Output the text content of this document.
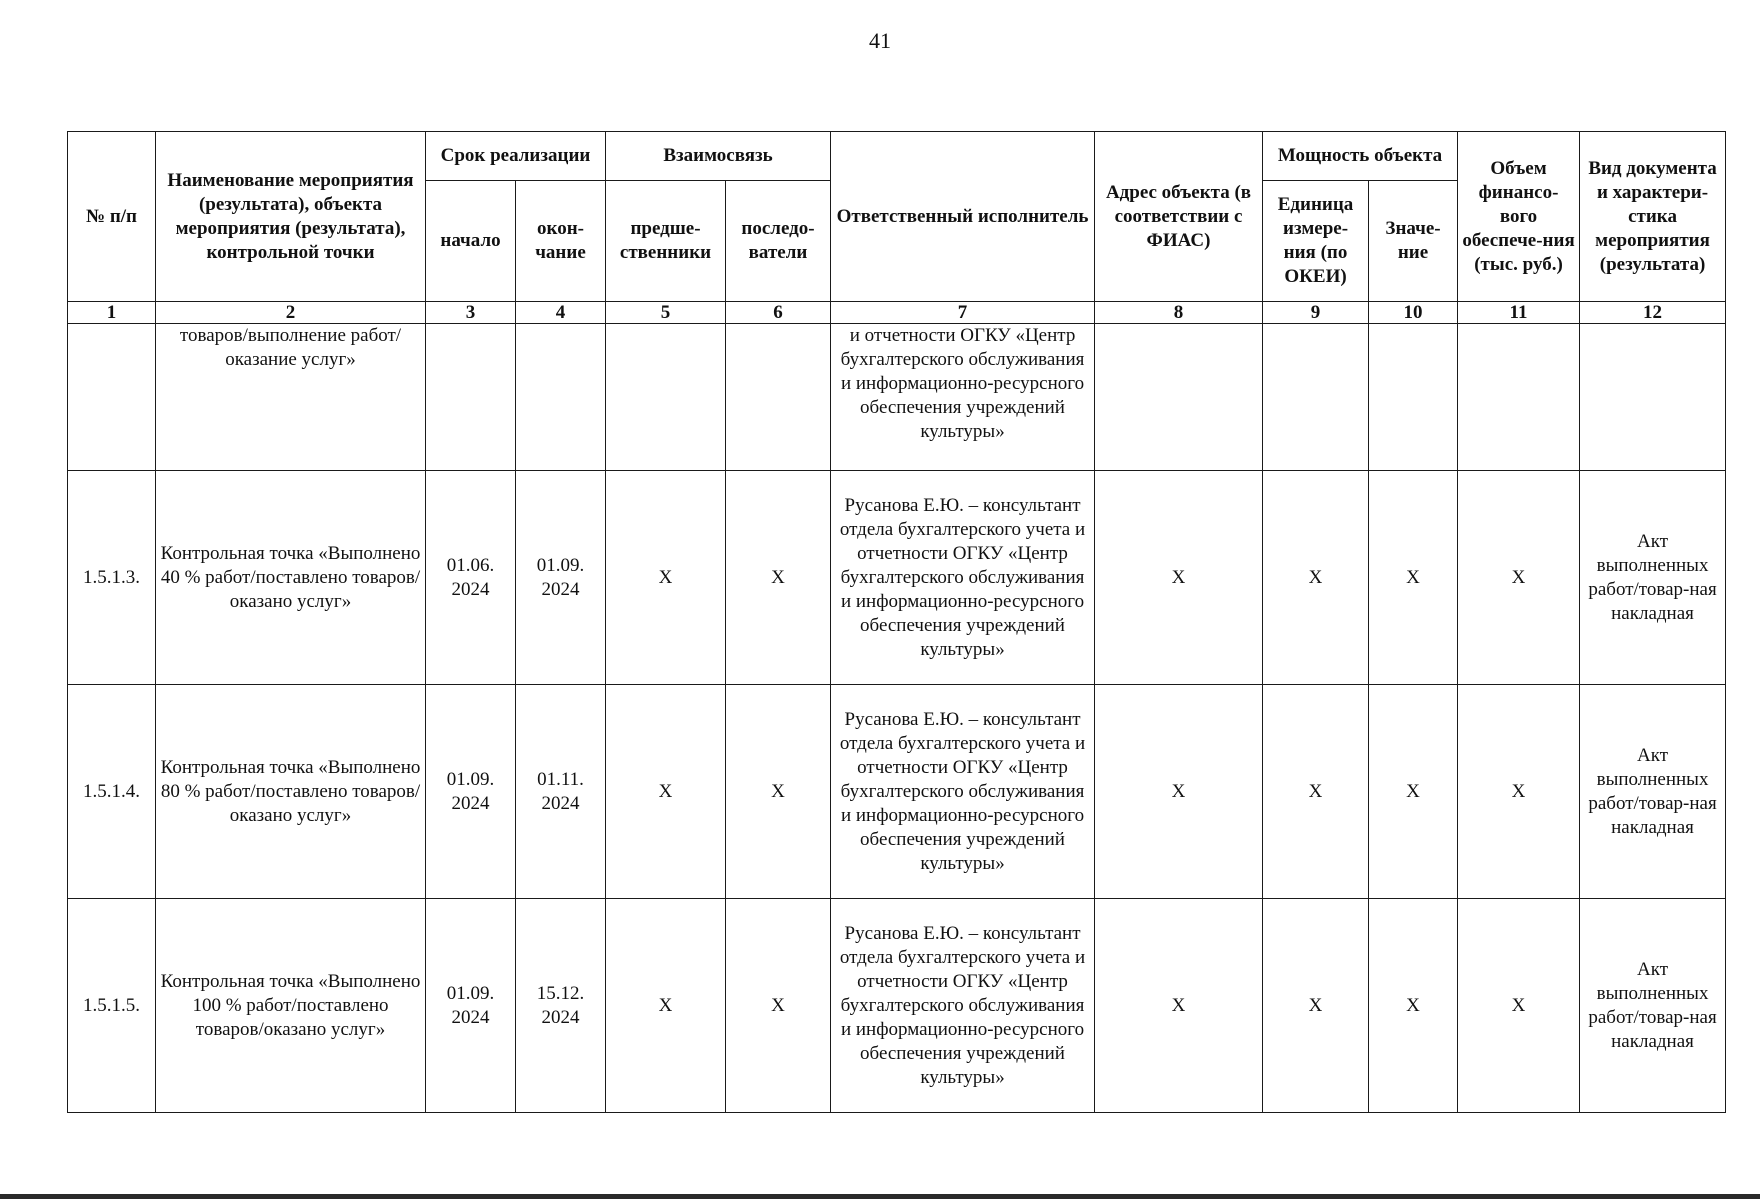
41
№ п/п	Наименование мероприятия (результата), объекта мероприятия (результата), контрольной точки	Срок реализации		Взаимосвязь		Ответственный исполнитель	Адрес объекта (в соответствии с ФИАС)	Мощность объекта		Объем финансо-вого обеспече-ния (тыс. руб.)	Вид документа и характери-стика мероприятия (результата)
		начало	окон-чание	предше-ственники	последо-ватели			Единица измере-ния (по ОКЕИ)	Значе-ние		
1	2	3	4	5	6	7	8	9	10	11	12
	товаров/выполнение работ/оказание услуг»					и отчетности ОГКУ «Центр бухгалтерского обслуживания и информационно-ресурсного обеспечения учреждений культуры»					
1.5.1.3.	Контрольная точка «Выполнено 40 % работ/поставлено товаров/оказано услуг»	01.06. 2024	01.09. 2024	Х	Х	Русанова Е.Ю. – консультант отдела бухгалтерского учета и отчетности ОГКУ «Центр бухгалтерского обслуживания и информационно-ресурсного обеспечения учреждений культуры»	Х	Х	Х	Х	Акт выполненных работ/товар-ная накладная
1.5.1.4.	Контрольная точка «Выполнено 80 % работ/поставлено товаров/оказано услуг»	01.09. 2024	01.11. 2024	Х	Х	Русанова Е.Ю. – консультант отдела бухгалтерского учета и отчетности ОГКУ «Центр бухгалтерского обслуживания и информационно-ресурсного обеспечения учреждений культуры»	Х	Х	Х	Х	Акт выполненных работ/товар-ная накладная
1.5.1.5.	Контрольная точка «Выполнено 100 % работ/поставлено товаров/оказано услуг»	01.09. 2024	15.12. 2024	Х	Х	Русанова Е.Ю. – консультант отдела бухгалтерского учета и отчетности ОГКУ «Центр бухгалтерского обслуживания и информационно-ресурсного обеспечения учреждений культуры»	Х	Х	Х	Х	Акт выполненных работ/товар-ная накладная
